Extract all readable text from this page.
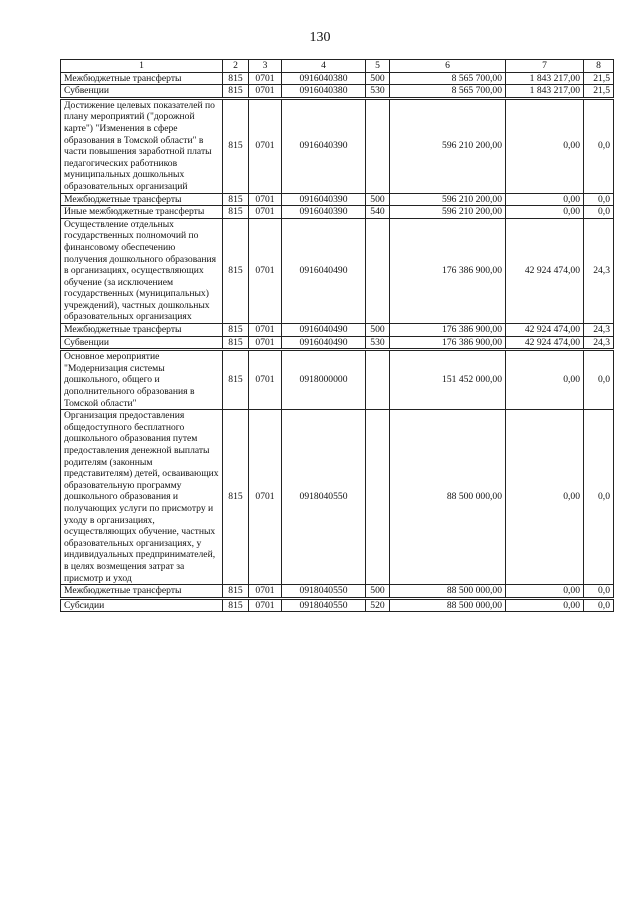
130
1	2	3	4	5	6	7	8
Межбюджетные трансферты	815	0701	0916040380	500	8 565 700,00	1 843 217,00	21,5
Субвенции	815	0701	0916040380	530	8 565 700,00	1 843 217,00	21,5
Достижение целевых показателей по плану мероприятий ("дорожной карте") "Изменения в сфере образования в Томской области" в части повышения заработной платы педагогических работников муниципальных дошкольных образовательных организаций	815	0701	0916040390		596 210 200,00	0,00	0,0
Межбюджетные трансферты	815	0701	0916040390	500	596 210 200,00	0,00	0,0
Иные межбюджетные трансферты	815	0701	0916040390	540	596 210 200,00	0,00	0,0
Осуществление отдельных государственных полномочий по финансовому обеспечению получения дошкольного образования в организациях, осуществляющих обучение (за исключением государственных (муниципальных) учреждений), частных дошкольных образовательных организациях	815	0701	0916040490		176 386 900,00	42 924 474,00	24,3
Межбюджетные трансферты	815	0701	0916040490	500	176 386 900,00	42 924 474,00	24,3
Субвенции	815	0701	0916040490	530	176 386 900,00	42 924 474,00	24,3
Основное мероприятие "Модернизация системы дошкольного, общего и дополнительного образования в Томской области"	815	0701	0918000000		151 452 000,00	0,00	0,0
Организация предоставления общедоступного бесплатного дошкольного образования путем предоставления денежной выплаты родителям (законным представителям) детей, осваивающих образовательную программу дошкольного образования и получающих услуги по присмотру и уходу в организациях, осуществляющих обучение, частных образовательных организациях, у индивидуальных предпринимателей, в целях возмещения затрат за присмотр и уход	815	0701	0918040550		88 500 000,00	0,00	0,0
Межбюджетные трансферты	815	0701	0918040550	500	88 500 000,00	0,00	0,0
Субсидии	815	0701	0918040550	520	88 500 000,00	0,00	0,0
